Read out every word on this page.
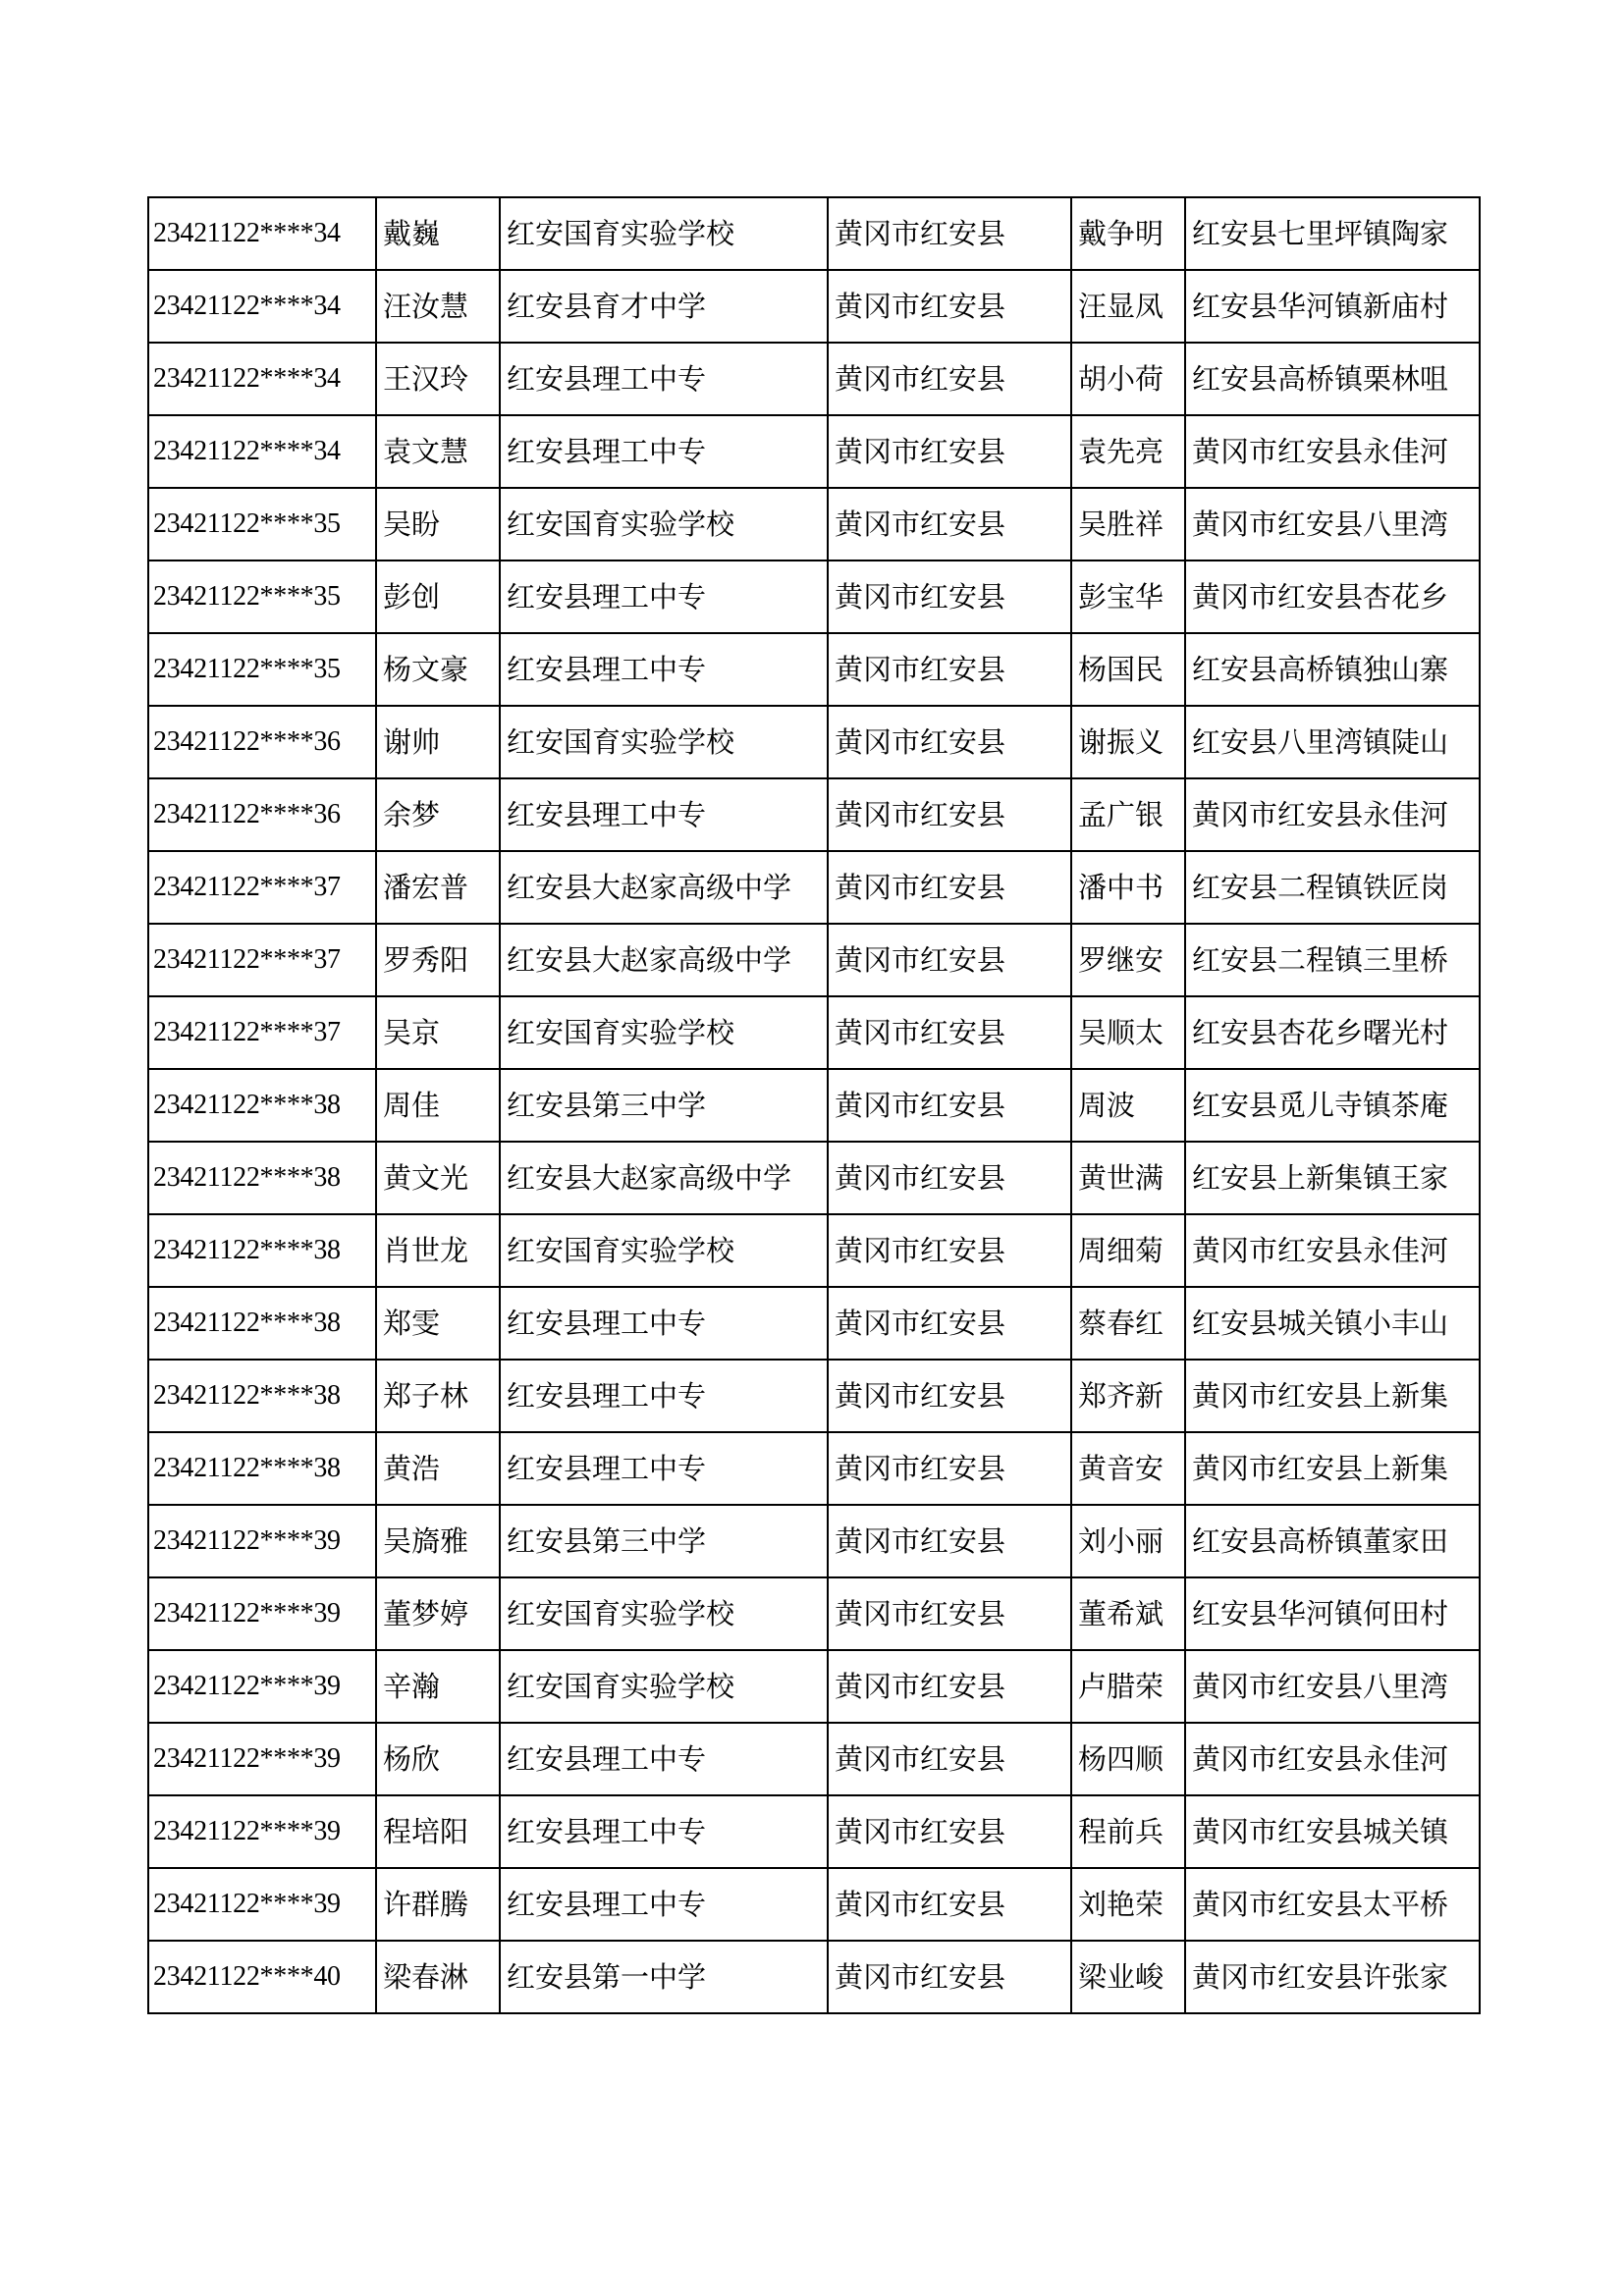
23421122****34	戴巍	红安国育实验学校	黄冈市红安县	戴争明	红安县七里坪镇陶家
23421122****34	汪汝慧	红安县育才中学	黄冈市红安县	汪显凤	红安县华河镇新庙村
23421122****34	王汉玲	红安县理工中专	黄冈市红安县	胡小荷	红安县高桥镇栗林咀
23421122****34	袁文慧	红安县理工中专	黄冈市红安县	袁先亮	黄冈市红安县永佳河
23421122****35	吴盼	红安国育实验学校	黄冈市红安县	吴胜祥	黄冈市红安县八里湾
23421122****35	彭创	红安县理工中专	黄冈市红安县	彭宝华	黄冈市红安县杏花乡
23421122****35	杨文豪	红安县理工中专	黄冈市红安县	杨国民	红安县高桥镇独山寨
23421122****36	谢帅	红安国育实验学校	黄冈市红安县	谢振义	红安县八里湾镇陡山
23421122****36	余梦	红安县理工中专	黄冈市红安县	孟广银	黄冈市红安县永佳河
23421122****37	潘宏普	红安县大赵家高级中学	黄冈市红安县	潘中书	红安县二程镇铁匠岗
23421122****37	罗秀阳	红安县大赵家高级中学	黄冈市红安县	罗继安	红安县二程镇三里桥
23421122****37	吴京	红安国育实验学校	黄冈市红安县	吴顺太	红安县杏花乡曙光村
23421122****38	周佳	红安县第三中学	黄冈市红安县	周波	红安县觅儿寺镇茶庵
23421122****38	黄文光	红安县大赵家高级中学	黄冈市红安县	黄世满	红安县上新集镇王家
23421122****38	肖世龙	红安国育实验学校	黄冈市红安县	周细菊	黄冈市红安县永佳河
23421122****38	郑雯	红安县理工中专	黄冈市红安县	蔡春红	红安县城关镇小丰山
23421122****38	郑子林	红安县理工中专	黄冈市红安县	郑齐新	黄冈市红安县上新集
23421122****38	黄浩	红安县理工中专	黄冈市红安县	黄音安	黄冈市红安县上新集
23421122****39	吴旖雅	红安县第三中学	黄冈市红安县	刘小丽	红安县高桥镇董家田
23421122****39	董梦婷	红安国育实验学校	黄冈市红安县	董希斌	红安县华河镇何田村
23421122****39	辛瀚	红安国育实验学校	黄冈市红安县	卢腊荣	黄冈市红安县八里湾
23421122****39	杨欣	红安县理工中专	黄冈市红安县	杨四顺	黄冈市红安县永佳河
23421122****39	程培阳	红安县理工中专	黄冈市红安县	程前兵	黄冈市红安县城关镇
23421122****39	许群腾	红安县理工中专	黄冈市红安县	刘艳荣	黄冈市红安县太平桥
23421122****40	梁春淋	红安县第一中学	黄冈市红安县	梁业峻	黄冈市红安县许张家
